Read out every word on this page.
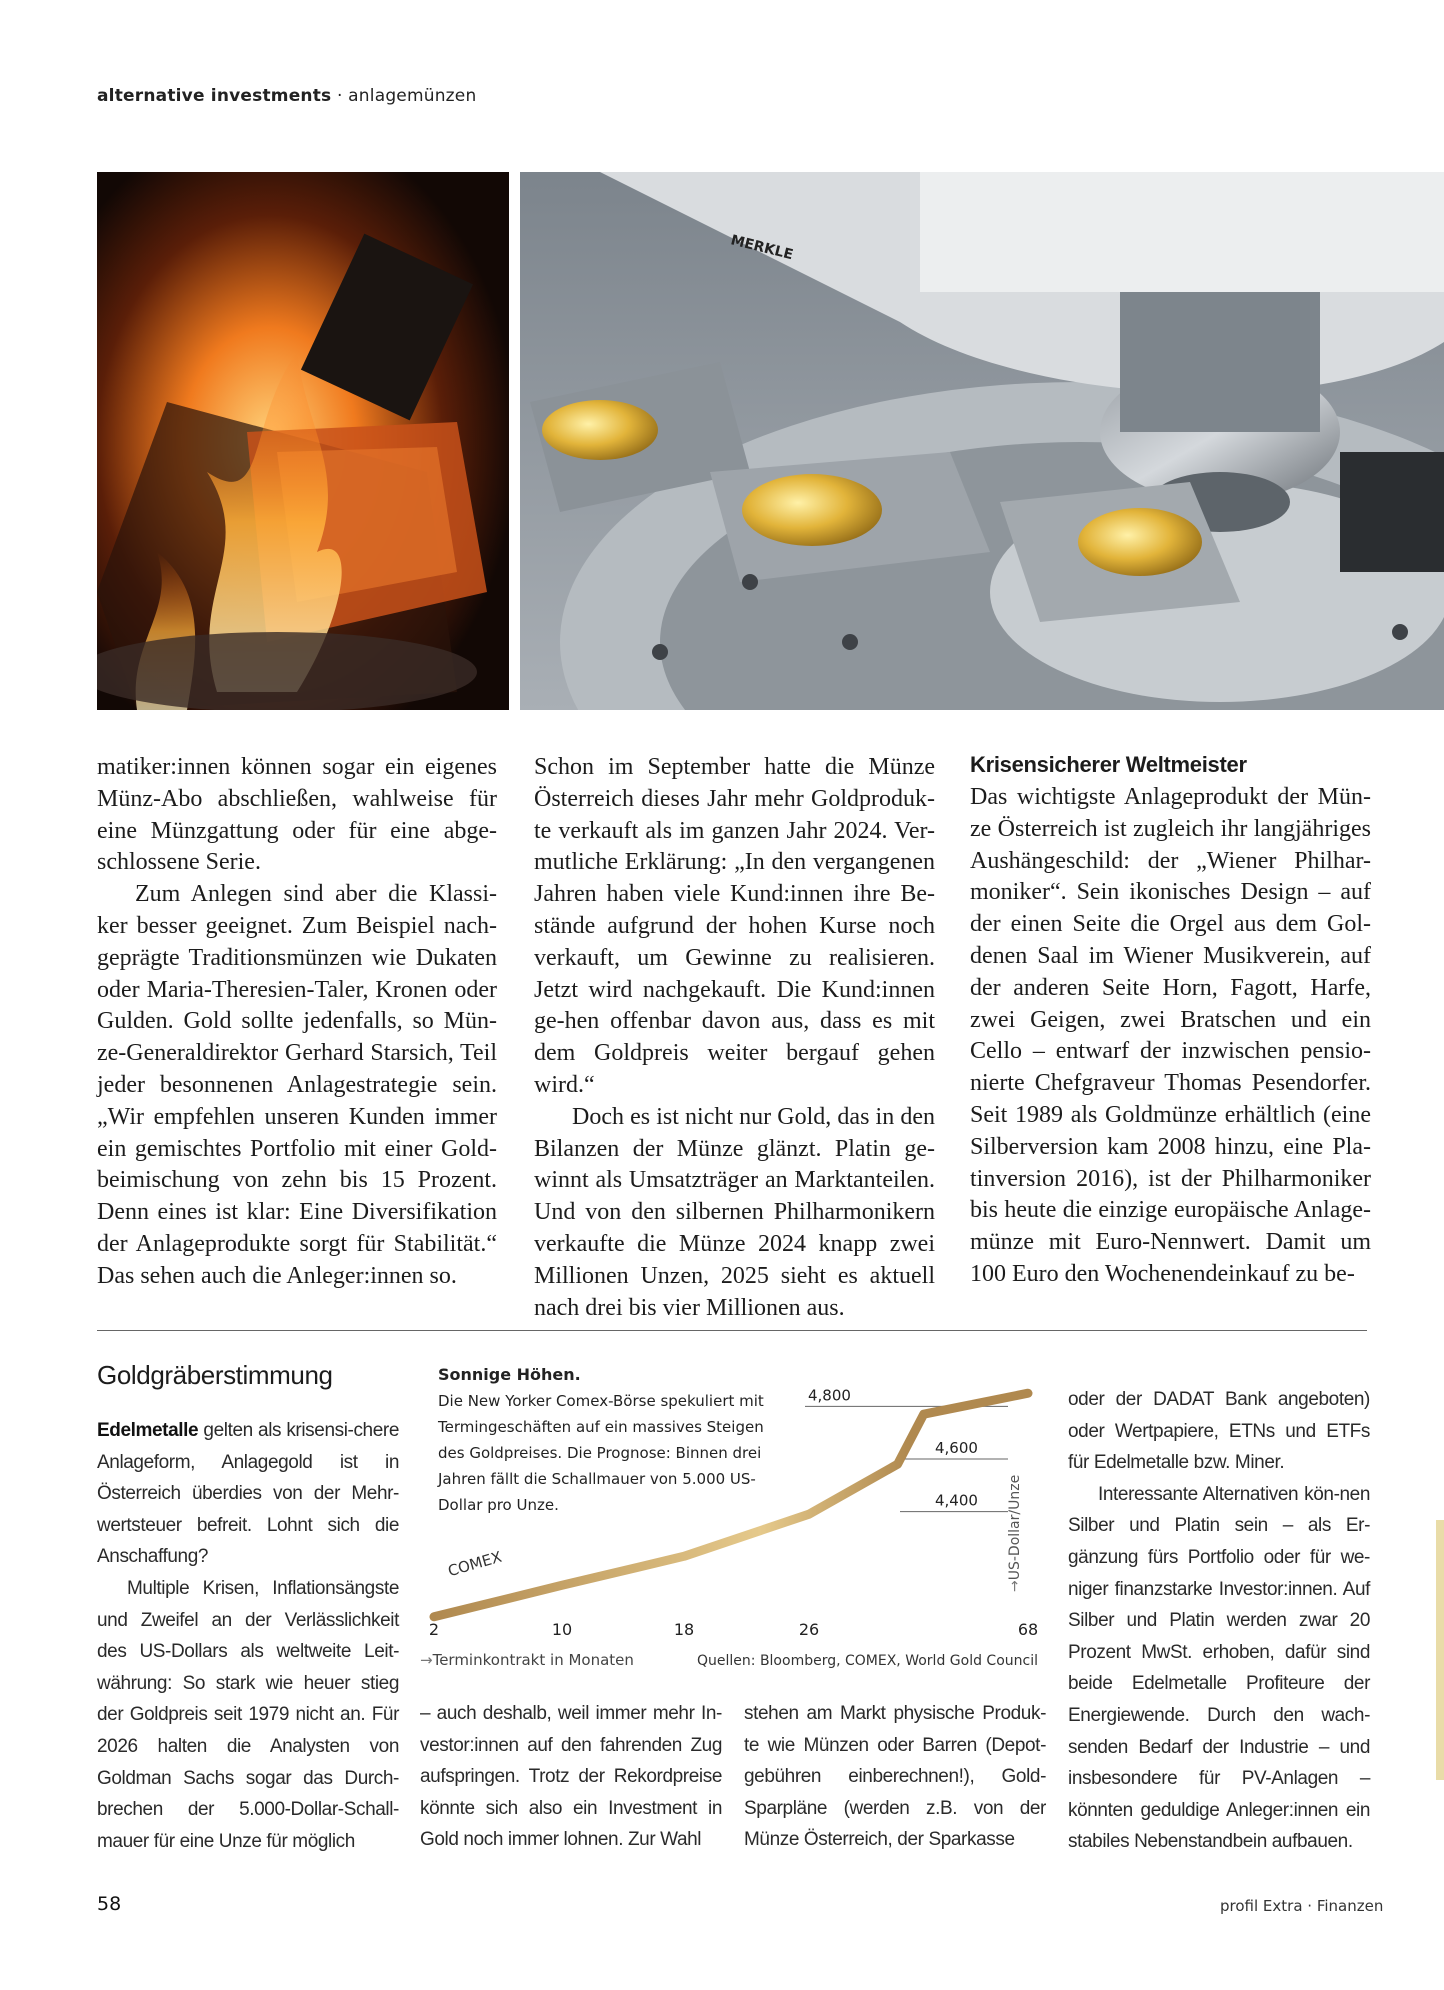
alternative investments · anlagemünzen
MERKLE

matiker:innen können sogar ein eigenes Münz-Abo abschließen, wahlweise für eine Münzgattung oder für eine abge-schlossene Serie.

Zum Anlegen sind aber die Klassi-ker besser geeignet. Zum Beispiel nach-geprägte Traditionsmünzen wie Dukaten oder Maria-Theresien-Taler, Kronen oder Gulden. Gold sollte jedenfalls, so Mün-ze-Generaldirektor Gerhard Starsich, Teil jeder besonnenen Anlagestrategie sein. „Wir empfehlen unseren Kunden immer ein gemischtes Portfolio mit einer Gold-beimischung von zehn bis 15 Prozent. Denn eines ist klar: Eine Diversifikation der Anlageprodukte sorgt für Stabilität.“ Das sehen auch die Anleger:innen so.

Schon im September hatte die Münze Österreich dieses Jahr mehr Goldproduk-te verkauft als im ganzen Jahr 2024. Ver-mutliche Erklärung: „In den vergangenen Jahren haben viele Kund:innen ihre Be-stände aufgrund der hohen Kurse noch verkauft, um Gewinne zu realisieren. Jetzt wird nachgekauft. Die Kund:innen ge-hen offenbar davon aus, dass es mit dem Goldpreis weiter bergauf gehen wird.“

Doch es ist nicht nur Gold, das in den Bilanzen der Münze glänzt. Platin ge-winnt als Umsatzträger an Marktanteilen. Und von den silbernen Philharmonikern verkaufte die Münze 2024 knapp zwei Millionen Unzen, 2025 sieht es aktuell nach drei bis vier Millionen aus.

Krisensicherer Weltmeister

Das wichtigste Anlageprodukt der Mün-ze Österreich ist zugleich ihr langjähriges Aushängeschild: der „Wiener Philhar-moniker“. Sein ikonisches Design – auf der einen Seite die Orgel aus dem Gol-denen Saal im Wiener Musikverein, auf der anderen Seite Horn, Fagott, Harfe, zwei Geigen, zwei Bratschen und ein Cello – entwarf der inzwischen pensio-nierte Chefgraveur Thomas Pesendorfer. Seit 1989 als Goldmünze erhältlich (eine Silberversion kam 2008 hinzu, eine Pla-tinversion 2016), ist der Philharmoniker bis heute die einzige europäische Anlage-münze mit Euro-Nennwert. Damit um 100 Euro den Wochenendeinkauf zu be-

Goldgräberstimmung

Edelmetalle gelten als krisensi-chere Anlageform, Anlagegold ist in Österreich überdies von der Mehr-wertsteuer befreit. Lohnt sich die Anschaffung?

Multiple Krisen, Inflationsängste und Zweifel an der Verlässlichkeit des US-Dollars als weltweite Leit-währung: So stark wie heuer stieg der Goldpreis seit 1979 nicht an. Für 2026 halten die Analysten von Goldman Sachs sogar das Durch-brechen der 5.000-Dollar-Schall-mauer für eine Unze für möglich

Sonnige Höhen.
Die New Yorker Comex-Börse spekuliert mit Termingeschäften auf ein massives Steigen des Goldpreises. Die Prognose: Binnen drei Jahren fällt die Schallmauer von 5.000 US-Dollar pro Unze.	4,400
4,600
4,800
2	10	18	26	68
COMEX
→Terminkontrakt in Monaten	Quellen: Bloomberg, COMEX, World Gold Council
→US-Dollar/Unze

– auch deshalb, weil immer mehr In-vestor:innen auf den fahrenden Zug aufspringen. Trotz der Rekordpreise könnte sich also ein Investment in Gold noch immer lohnen. Zur Wahl

stehen am Markt physische Produk-te wie Münzen oder Barren (Depot-gebühren einberechnen!), Gold-Sparpläne (werden z.B. von der Münze Österreich, der Sparkasse

oder der DADAT Bank angeboten) oder Wertpapiere, ETNs und ETFs für Edelmetalle bzw. Miner.

Interessante Alternativen kön-nen Silber und Platin sein – als Er-gänzung fürs Portfolio oder für we-niger finanzstarke Investor:innen. Auf Silber und Platin werden zwar 20 Prozent MwSt. erhoben, dafür sind beide Edelmetalle Profiteure der Energiewende. Durch den wach-senden Bedarf der Industrie – und insbesondere für PV-Anlagen – könnten geduldige Anleger:innen ein stabiles Nebenstandbein aufbauen.

58	profil Extra · Finanzen
